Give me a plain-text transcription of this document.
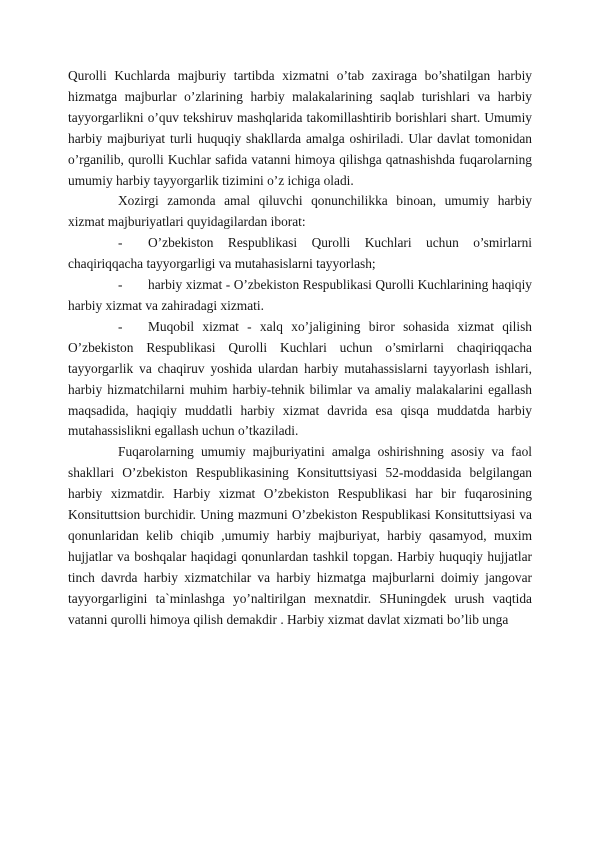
Qurolli Kuchlarda majburiy tartibda xizmatni o’tab zaxiraga bo’shatilgan harbiy hizmatga majburlar o’zlarining harbiy malakalarining saqlab turishlari va harbiy tayyorgarlikni o’quv tekshiruv mashqlarida takomillashtirib borishlari shart. Umumiy harbiy majburiyat turli huquqiy shakllarda amalga oshiriladi. Ular davlat tomonidan o’rganilib, qurolli Kuchlar safida vatanni himoya qilishga qatnashishda fuqarolarning umumiy harbiy tayyorgarlik tizimini o’z ichiga oladi.

Xozirgi zamonda amal qiluvchi qonunchilikka binoan, umumiy harbiy xizmat majburiyatlari quyidagilardan iborat:

- O’zbekiston Respublikasi Qurolli Kuchlari uchun o’smirlarni chaqiriqqacha tayyorgarligi va mutahasislarni tayyorlash;

- harbiy xizmat - O’zbekiston Respublikasi Qurolli Kuchlarining haqiqiy harbiy xizmat va zahiradagi xizmati.

- Muqobil xizmat - xalq xo’jaligining biror sohasida xizmat qilish O’zbekiston Respublikasi Qurolli Kuchlari uchun o’smirlarni chaqiriqqacha tayyorgarlik va chaqiruv yoshida ulardan harbiy mutahassislarni tayyorlash ishlari, harbiy hizmatchilarni muhim harbiy-tehnik bilimlar va amaliy malakalarini egallash maqsadida, haqiqiy muddatli harbiy xizmat davrida esa qisqa muddatda harbiy mutahassislikni egallash uchun o’tkaziladi.

Fuqarolarning umumiy majburiyatini amalga oshirishning asosiy va faol shakllari O’zbekiston Respublikasining Konsituttsiyasi 52-moddasida belgilangan harbiy xizmatdir. Harbiy xizmat O’zbekiston Respublikasi har bir fuqarosining Konsituttsion burchidir. Uning mazmuni O’zbekiston Respublikasi Konsituttsiyasi va qonunlaridan kelib chiqib ,umumiy harbiy majburiyat, harbiy qasamyod, muxim hujjatlar va boshqalar haqidagi qonunlardan tashkil topgan. Harbiy huquqiy hujjatlar tinch davrda harbiy xizmatchilar va harbiy hizmatga majburlarni doimiy jangovar tayyorgarligini ta`minlashga yo’naltirilgan mexnatdir. SHuningdek urush vaqtida vatanni qurolli himoya qilish demakdir . Harbiy xizmat davlat xizmati bo’lib unga
